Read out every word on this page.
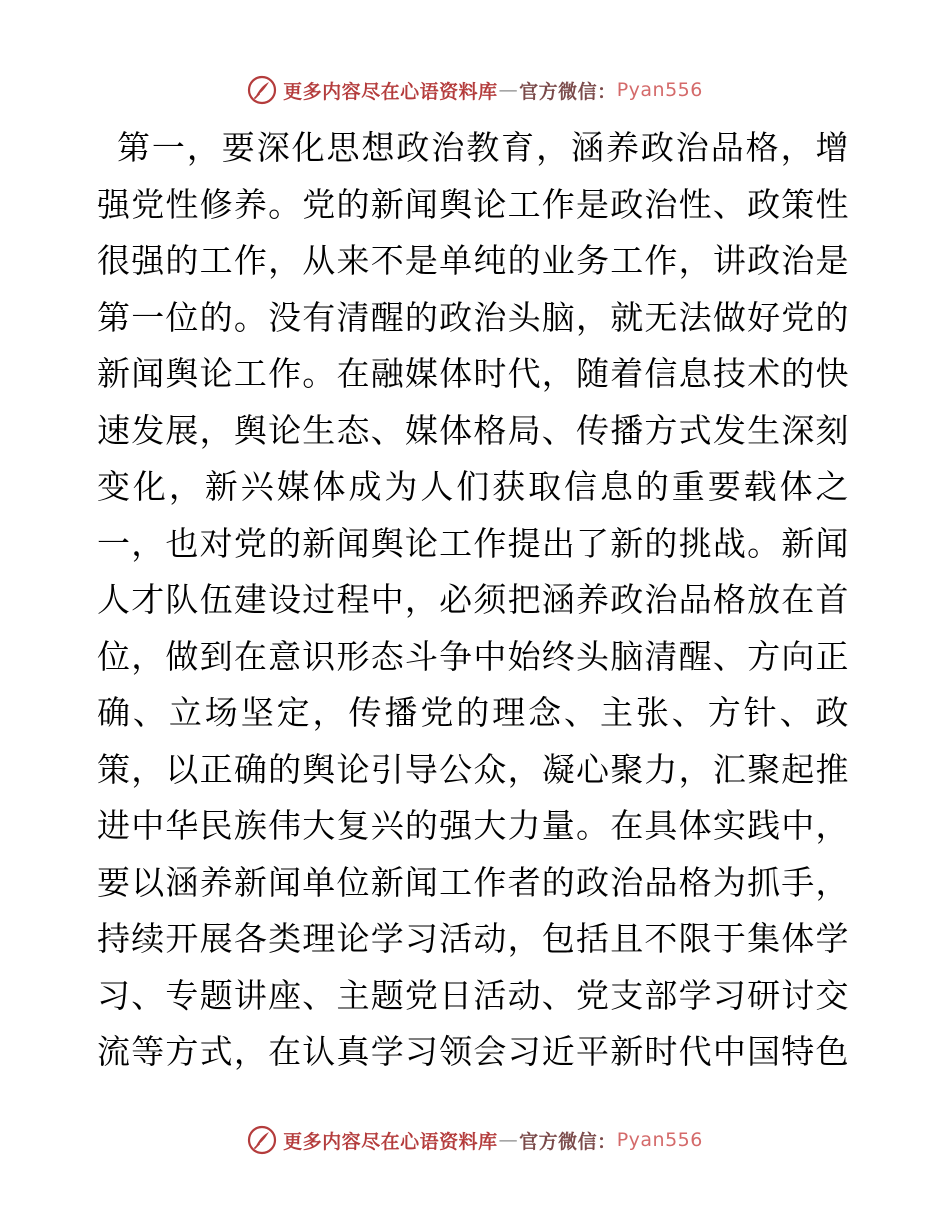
更多内容尽在心语资料库 — 官方微信： Pyan556
第一，要深化思想政治教育，涵养政治品格，增
强党性修养。党的新闻舆论工作是政治性、政策性
很强的工作，从来不是单纯的业务工作，讲政治是
第一位的。没有清醒的政治头脑，就无法做好党的
新闻舆论工作。在融媒体时代，随着信息技术的快
速发展，舆论生态、媒体格局、传播方式发生深刻
变化，新兴媒体成为人们获取信息的重要载体之
一，也对党的新闻舆论工作提出了新的挑战。新闻
人才队伍建设过程中，必须把涵养政治品格放在首
位，做到在意识形态斗争中始终头脑清醒、方向正
确、立场坚定，传播党的理念、主张、方针、政
策，以正确的舆论引导公众，凝心聚力，汇聚起推
进中华民族伟大复兴的强大力量。在具体实践中，
要以涵养新闻单位新闻工作者的政治品格为抓手，
持续开展各类理论学习活动，包括且不限于集体学
习、专题讲座、主题党日活动、党支部学习研讨交
流等方式，在认真学习领会习近平新时代中国特色
更多内容尽在心语资料库 — 官方微信： Pyan556
